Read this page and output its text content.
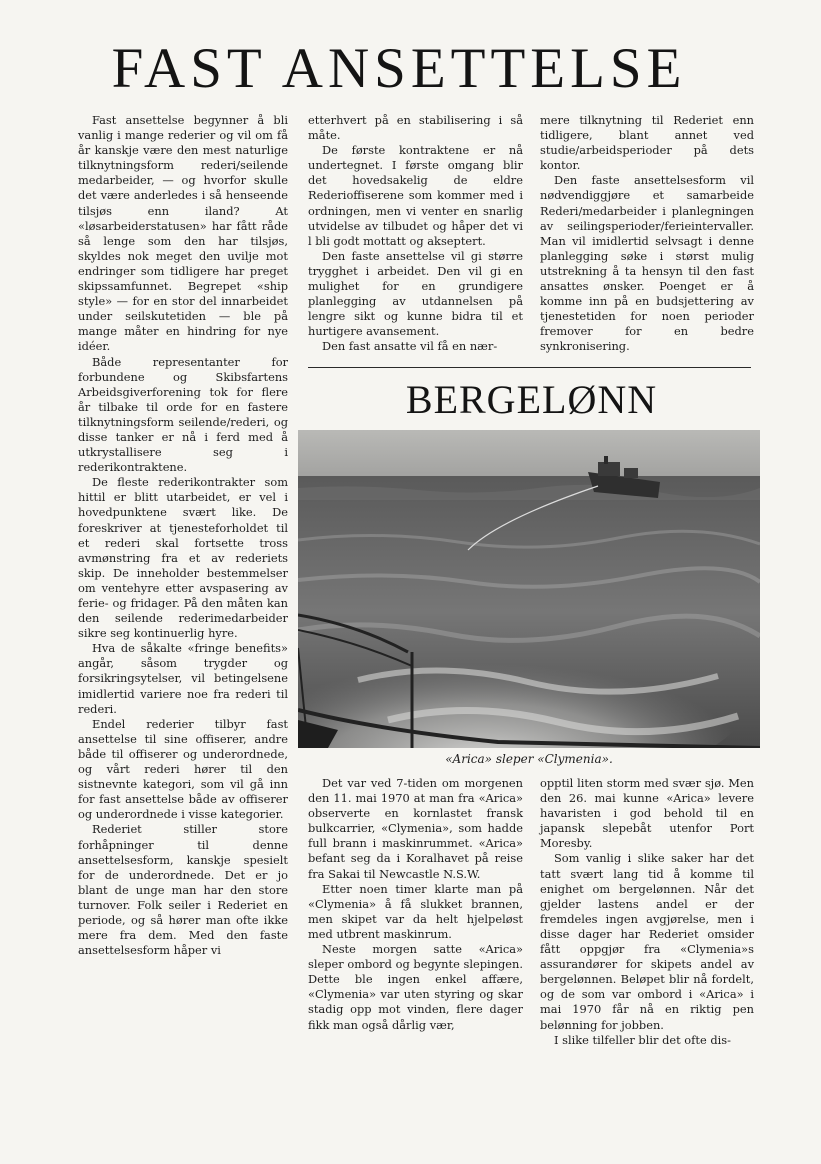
FAST ANSETTELSE

Fast ansettelse begynner å bli vanlig i mange rederier og vil om få år kanskje være den mest naturlige tilknytningsform rederi/seilende medarbeider, — og hvorfor skulle det være anderledes i så henseende tilsjøs enn iland? At «løsarbeiderstatusen» har fått råde så lenge som den har tilsjøs, skyldes nok meget den uvilje mot endringer som tidligere har preget skipssamfunnet. Begrepet «ship style» — for en stor del innarbeidet under seilskutetiden — ble på mange måter en hindring for nye idéer.

Både representanter for forbundene og Skibsfartens Arbeidsgiverforening tok for flere år tilbake til orde for en fastere tilknytningsform seilende/rederi, og disse tanker er nå i ferd med å utkrystallisere seg i rederikontraktene.

De fleste rederikontrakter som hittil er blitt utarbeidet, er vel i hovedpunktene svært like. De foreskriver at tjenesteforholdet til et rederi skal fortsette tross avmønstring fra et av rederiets skip. De inneholder bestemmelser om ventehyre etter avspasering av ferie- og fridager. På den måten kan den seilende rederimedarbeider sikre seg kontinuerlig hyre.

Hva de såkalte «fringe benefits» angår, såsom trygder og forsikringsytelser, vil betingelsene imidlertid variere noe fra rederi til rederi.

Endel rederier tilbyr fast ansettelse til sine offiserer, andre både til offiserer og underordnede, og vårt rederi hører til den sistnevnte kategori, som vil gå inn for fast ansettelse både av offiserer og underordnede i visse kategorier.

Rederiet stiller store forhåpninger til denne ansettelsesform, kanskje spesielt for de underordnede. Det er jo blant de unge man har den store turnover. Folk seiler i Rederiet en periode, og så hører man ofte ikke mere fra dem. Med den faste ansettelsesform håper vi

etterhvert på en stabilisering i så måte.

De første kontraktene er nå undertegnet. I første omgang blir det hovedsakelig de eldre Rederioffiserene som kommer med i ordningen, men vi venter en snarlig utvidelse av tilbudet og håper det vi l bli godt mottatt og akseptert.

Den faste ansettelse vil gi større trygghet i arbeidet. Den vil gi en mulighet for en grundigere planlegging av utdannelsen på lengre sikt og kunne bidra til et hurtigere avansement.

Den fast ansatte vil få en nær-

mere tilknytning til Rederiet enn tidligere, blant annet ved studie/arbeidsperioder på dets kontor.

Den faste ansettelsesform vil nødvendiggjøre et samarbeide Rederi/medarbeider i planlegningen av seilingsperioder/ferieintervaller. Man vil imidlertid selvsagt i denne planlegging søke i størst mulig utstrekning å ta hensyn til den fast ansattes ønsker. Poenget er å komme inn på en budsjettering av tjenestetiden for noen perioder fremover for en bedre synkronisering.

BERGELØNN
«Arica» sleper «Clymenia».

Det var ved 7-tiden om morgenen den 11. mai 1970 at man fra «Arica» observerte en kornlastet fransk bulkcarrier, «Clymenia», som hadde full brann i maskinrummet. «Arica» befant seg da i Koralhavet på reise fra Sakai til Newcastle N.S.W.

Etter noen timer klarte man på «Clymenia» å få slukket brannen, men skipet var da helt hjelpeløst med utbrent maskinrum.

Neste morgen satte «Arica» sleper ombord og begynte slepingen. Dette ble ingen enkel affære, «Clymenia» var uten styring og skar stadig opp mot vinden, flere dager fikk man også dårlig vær,

opptil liten storm med svær sjø. Men den 26. mai kunne «Arica» levere havaristen i god behold til en japansk slepebåt utenfor Port Moresby.

Som vanlig i slike saker har det tatt svært lang tid å komme til enighet om bergelønnen. Når det gjelder lastens andel er der fremdeles ingen avgjørelse, men i disse dager har Rederiet omsider fått oppgjør fra «Clymenia»s assurandører for skipets andel av bergelønnen. Beløpet blir nå fordelt, og de som var ombord i «Arica» i mai 1970 får nå en riktig pen belønning for jobben.

I slike tilfeller blir det ofte dis-
